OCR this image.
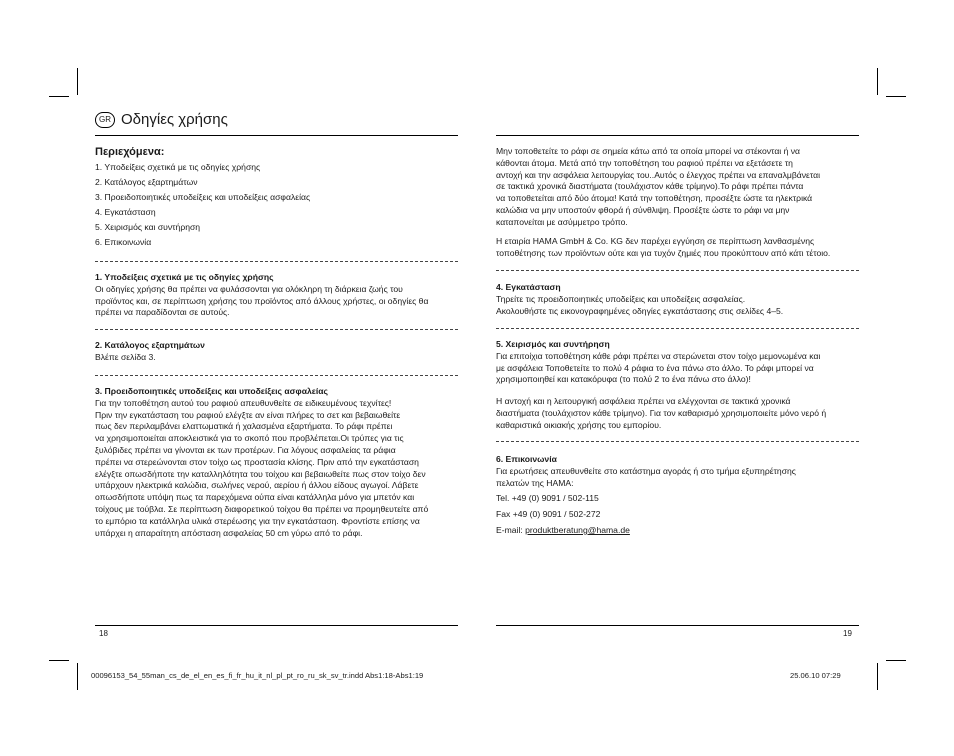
GR Οδηγίες χρήσης
Περιεχόμενα:
1. Υποδείξεις σχετικά με τις οδηγίες χρήσης
2. Κατάλογος εξαρτημάτων
3. Προειδοποιητικές υποδείξεις και υποδείξεις ασφαλείας
4. Εγκατάσταση
5. Χειρισμός και συντήρηση
6. Επικοινωνία
1. Υποδείξεις σχετικά με τις οδηγίες χρήσης
Οι οδηγίες χρήσης θα πρέπει να φυλάσσονται για ολόκληρη τη διάρκεια ζωής του
προϊόντος και, σε περίπτωση χρήσης του προϊόντος από άλλους χρήστες, οι οδηγίες θα
πρέπει να παραδίδονται σε αυτούς.
2. Κατάλογος εξαρτημάτων
Βλέπε σελίδα 3.
3. Προειδοποιητικές υποδείξεις και υποδείξεις ασφαλείας
Για την τοποθέτηση αυτού του ραφιού απευθυνθείτε σε ειδικευμένους τεχνίτες!
Πριν την εγκατάσταση του ραφιού ελέγξτε αν είναι πλήρες το σετ και βεβαιωθείτε
πως δεν περιλαμβάνει ελαττωματικά ή χαλασμένα εξαρτήματα. Το ράφι πρέπει
να χρησιμοποιείται αποκλειστικά για το σκοπό που προβλέπεται.Οι τρύπες για τις
ξυλόβιδες πρέπει να γίνονται εκ των προτέρων. Για λόγους ασφαλείας τα ράφια
πρέπει να στερεώνονται στον τοίχο ως προστασία κλίσης. Πριν από την εγκατάσταση
ελέγξτε οπωσδήποτε την καταλληλότητα του τοίχου και βεβαιωθείτε πως στον τοίχο δεν
υπάρχουν ηλεκτρικά καλώδια, σωλήνες νερού, αερίου ή άλλου είδους αγωγοί. Λάβετε
οπωσδήποτε υπόψη πως τα παρεχόμενα ούπα είναι κατάλληλα μόνο για μπετόν και
τοίχους με τούβλα. Σε περίπτωση διαφορετικού τοίχου θα πρέπει να προμηθευτείτε από
το εμπόριο τα κατάλληλα υλικά στερέωσης για την εγκατάσταση. Φροντίστε επίσης να
υπάρχει η απαραίτητη απόσταση ασφαλείας 50 cm γύρω από το ράφι.
18
Μην τοποθετείτε το ράφι σε σημεία κάτω από τα οποία μπορεί να στέκονται ή να
κάθονται άτομα. Μετά από την τοποθέτηση του ραφιού πρέπει να εξετάσετε τη
αντοχή και την ασφάλεια λειτουργίας του..Αυτός ο έλεγχος πρέπει να επαναλμβάνεται
σε τακτικά χρονικά διαστήματα (τουλάχιστον κάθε τρίμηνο).Το ράφι πρέπει πάντα
να τοποθετείται από δύο άτομα! Κατά την τοποθέτηση, προσέξτε ώστε τα ηλεκτρικά
καλώδια να μην υποστούν φθορά ή σύνθλιψη. Προσέξτε ώστε το ράφι να μην
καταπονείται με ασύμμετρο τρόπο.
Η εταιρία HAMA GmbH & Co. KG δεν παρέχει εγγύηση σε περίπτωση λανθασμένης
τοποθέτησης των προϊόντων ούτε και για τυχόν ζημιές που προκύπτουν από κάτι τέτοιο.
4. Εγκατάσταση
Τηρείτε τις προειδοποιητικές υποδείξεις και υποδείξεις ασφαλείας.
Ακολουθήστε τις εικονογραφημένες οδηγίες εγκατάστασης στις σελίδες 4–5.
5. Χειρισμός και συντήρηση
Για επιτοίχια τοποθέτηση κάθε ράφι πρέπει να στερώνεται στον τοίχο μεμονωμένα και
με ασφάλεια Τοποθετείτε το πολύ 4 ράφια το ένα πάνω στο άλλο. Το ράφι μπορεί να
χρησιμοποιηθεί και κατακόρυφα (το πολύ 2 το ένα πάνω στο άλλο)!
Η αντοχή και η λειτουργική ασφάλεια πρέπει να ελέγχονται σε τακτικά χρονικά
διαστήματα (τουλάχιστον κάθε τρίμηνο). Για τον καθαρισμό χρησιμοποιείτε μόνο νερό ή
καθαριστικά οικιακής χρήσης του εμπορίου.
6. Επικοινωνία
Για ερωτήσεις απευθυνθείτε στο κατάστημα αγοράς ή στο τμήμα εξυπηρέτησης
πελατών της HAMA:
Tel. +49 (0) 9091 / 502-115
Fax +49 (0) 9091 / 502-272
E-mail: produktberatung@hama.de
19
00096153_54_55man_cs_de_el_en_es_fi_fr_hu_it_nl_pl_pt_ro_ru_sk_sv_tr.indd Abs1:18-Abs1:19	25.06.10 07:29
